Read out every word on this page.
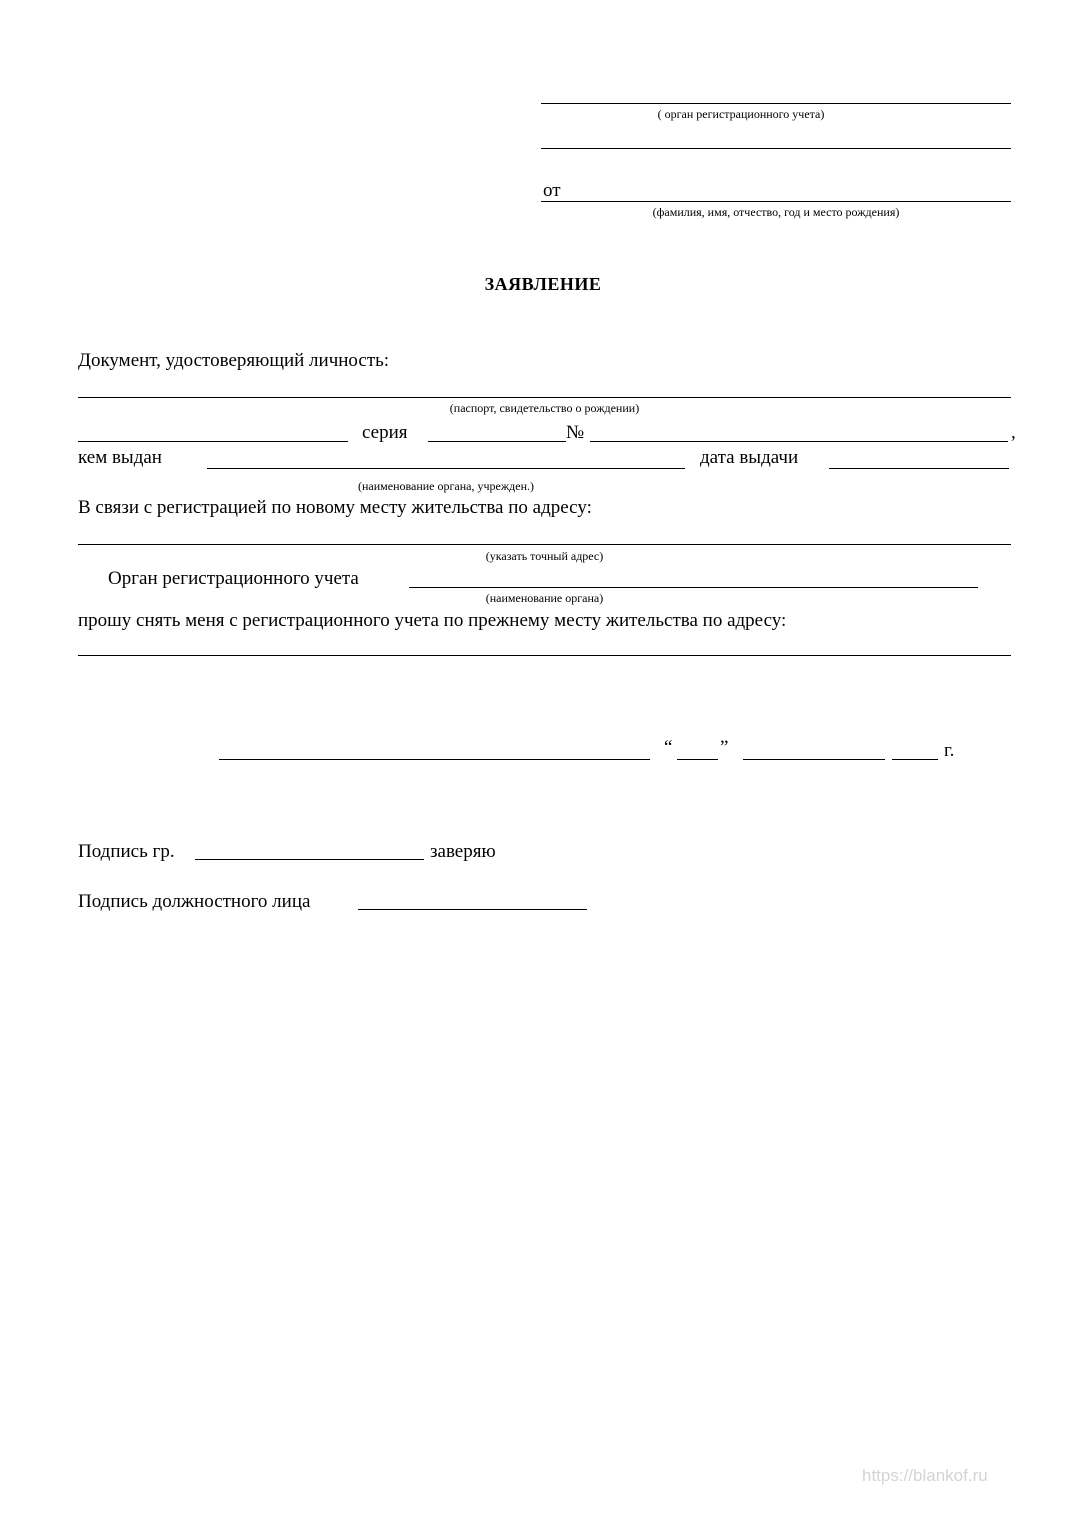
( орган регистрационного учета)
от
(фамилия, имя, отчество, год и место рождения)
ЗАЯВЛЕНИЕ
Документ, удостоверяющий личность:
(паспорт, свидетельство о рождении)
серия	№	,
кем выдан	дата выдачи
(наименование органа, учрежден.)
В связи с регистрацией по новому месту жительства по адресу:
(указать точный адрес)
Орган регистрационного учета
(наименование органа)
прошу снять меня с регистрационного учета по прежнему месту жительства по адресу:
“	”	г.
Подпись гр.	заверяю
Подпись должностного лица
https://blankof.ru
